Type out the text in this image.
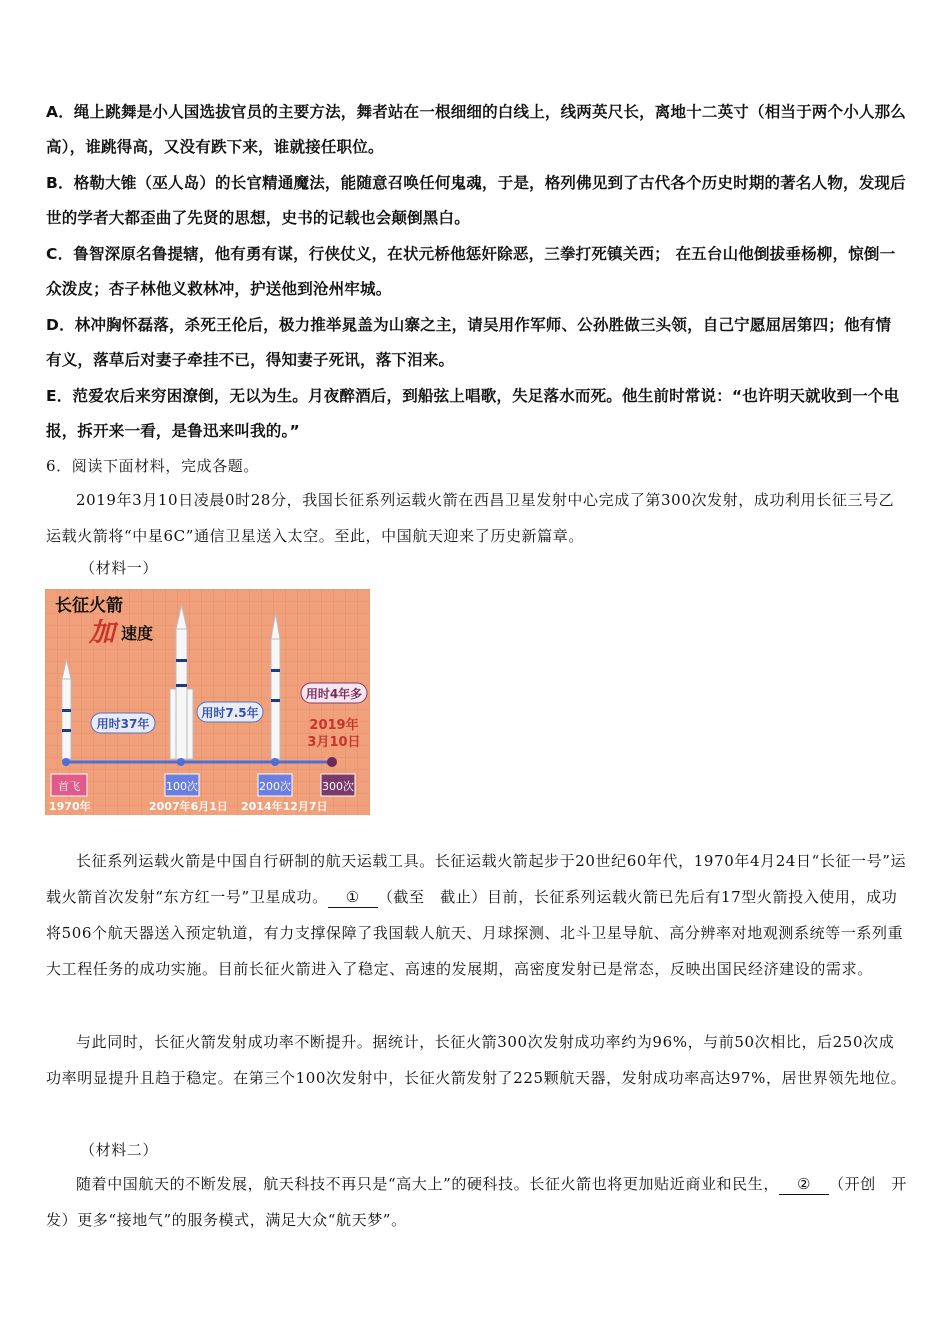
A．绳上跳舞是小人国选拔官员的主要方法，舞者站在一根细细的白线上，线两英尺长，离地十二英寸（相当于两个小人那么高），谁跳得高，又没有跌下来，谁就接任职位。
B．格勒大锥（巫人岛）的长官精通魔法，能随意召唤任何鬼魂，于是，格列佛见到了古代各个历史时期的著名人物，发现后世的学者大都歪曲了先贤的思想，史书的记载也会颠倒黑白。
C．鲁智深原名鲁提辖，他有勇有谋，行侠仗义，在状元桥他惩奸除恶，三拳打死镇关西； 在五台山他倒拔垂杨柳，惊倒一众泼皮；杏子林他义救林冲，护送他到沧州牢城。
D．林冲胸怀磊落，杀死王伦后，极力推举晁盖为山寨之主，请吴用作军师、公孙胜做三头领，自己宁愿屈居第四；他有情有义，落草后对妻子牵挂不已，得知妻子死讯，落下泪来。
E．范爱农后来穷困潦倒，无以为生。月夜醉酒后，到船弦上唱歌，失足落水而死。他生前时常说：“也许明天就收到一个电报，拆开来一看，是鲁迅来叫我的。”
6．阅读下面材料，完成各题。
2019年3月10日凌晨0时28分，我国长征系列运载火箭在西昌卫星发射中心完成了第300次发射，成功利用长征三号乙运载火箭将“中星6C”通信卫星送入太空。至此，中国航天迎来了历史新篇章。
（材料一）
长征火箭
加 速度
用时37年
用时7.5年
用时4年多
2019年
3月10日
首飞	100次	200次	300次
1970年	2007年6月1日 2014年12月7日
长征系列运载火箭是中国自行研制的航天运载工具。长征运载火箭起步于20世纪60年代，1970年4月24日“长征一号”运载火箭首次发射“东方红一号”卫星成功。 ① （截至　截止）目前，长征系列运载火箭已先后有17型火箭投入使用，成功将506个航天器送入预定轨道，有力支撑保障了我国载人航天、月球探测、北斗卫星导航、高分辨率对地观测系统等一系列重大工程任务的成功实施。目前长征火箭进入了稳定、高速的发展期，高密度发射已是常态，反映出国民经济建设的需求。
与此同时，长征火箭发射成功率不断提升。据统计，长征火箭300次发射成功率约为96%，与前50次相比，后250次成功率明显提升且趋于稳定。在第三个100次发射中，长征火箭发射了225颗航天器，发射成功率高达97%，居世界领先地位。
（材料二）
随着中国航天的不断发展，航天科技不再只是“高大上”的硬科技。长征火箭也将更加贴近商业和民生， ② （开创　开发）更多“接地气”的服务模式，满足大众“航天梦”。
